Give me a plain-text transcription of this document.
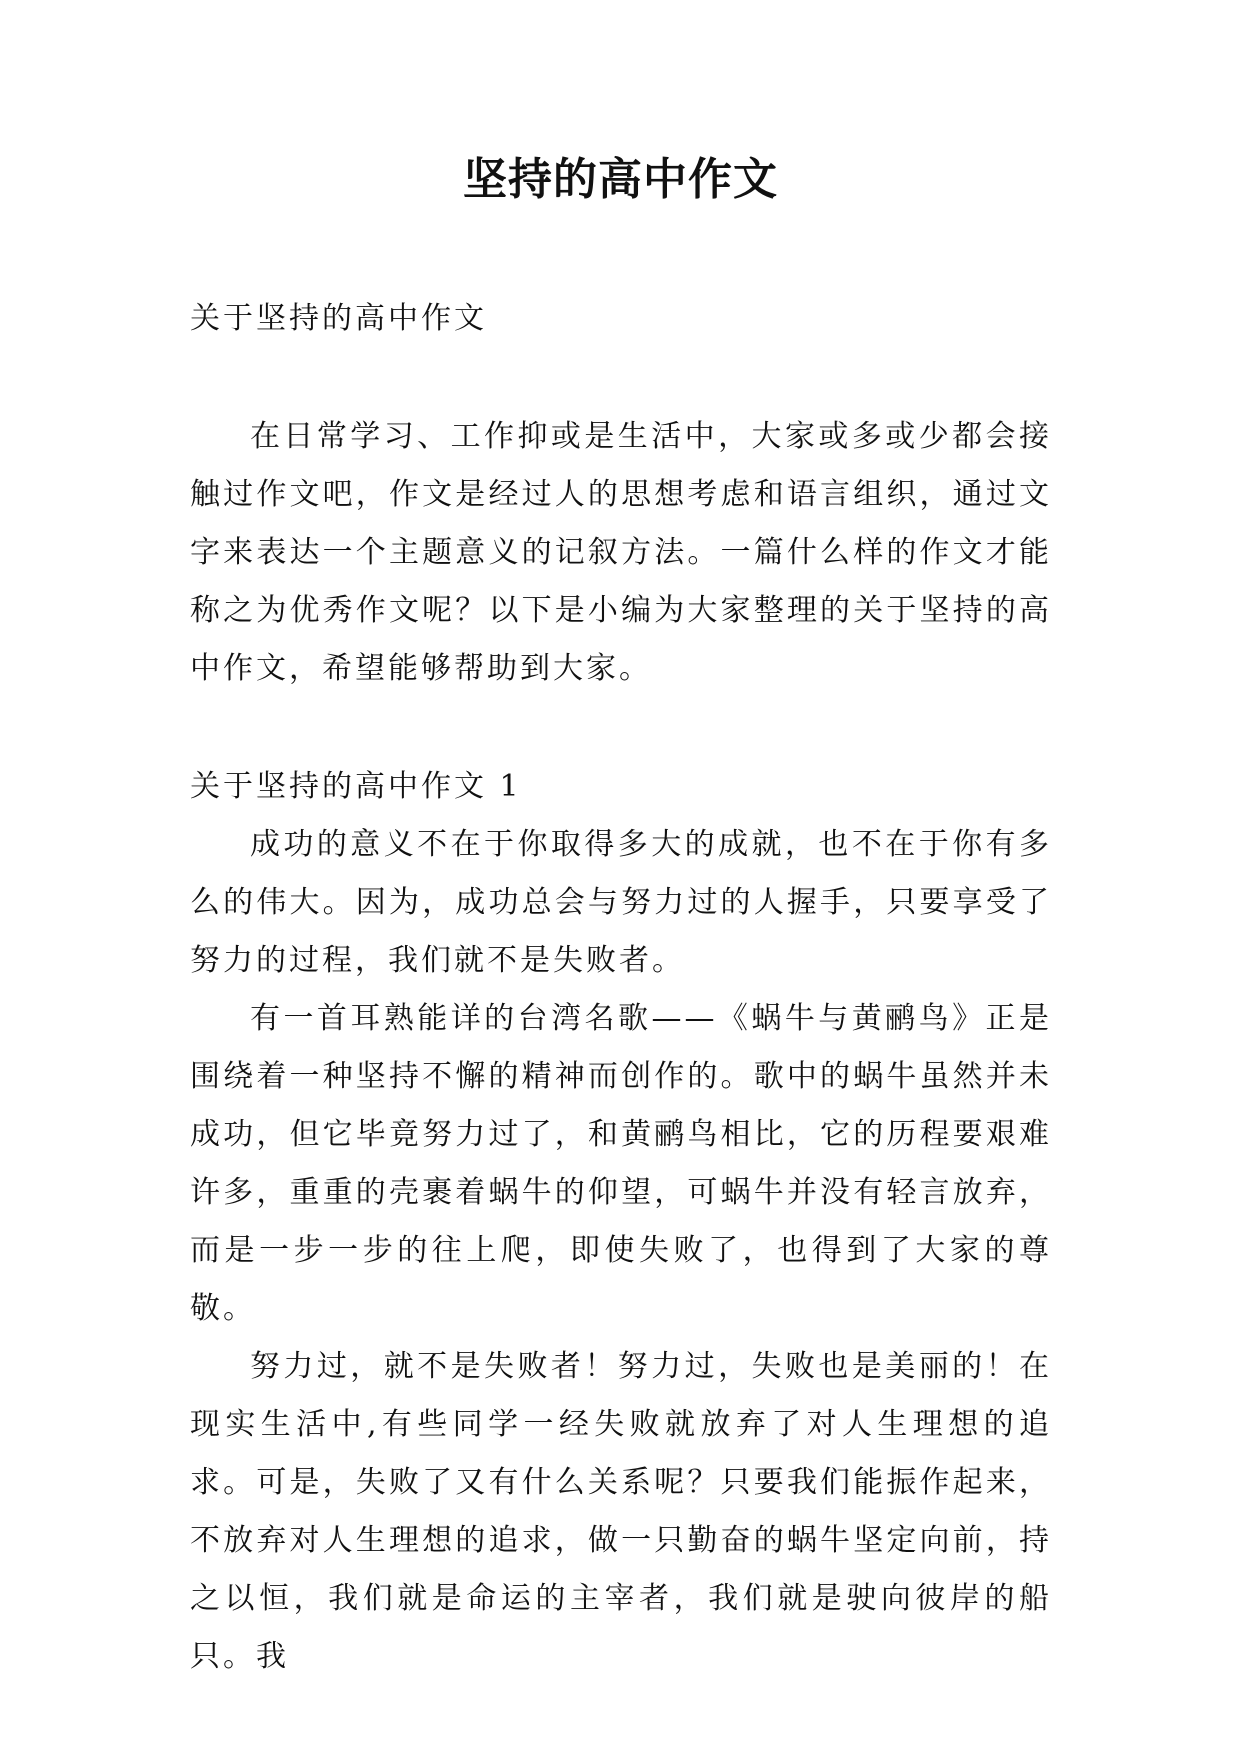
坚持的高中作文

关于坚持的高中作文

在日常学习、工作抑或是生活中，大家或多或少都会接触过作文吧，作文是经过人的思想考虑和语言组织，通过文字来表达一个主题意义的记叙方法。一篇什么样的作文才能称之为优秀作文呢？以下是小编为大家整理的关于坚持的高中作文，希望能够帮助到大家。

关于坚持的高中作文 1

成功的意义不在于你取得多大的成就，也不在于你有多么的伟大。因为，成功总会与努力过的人握手，只要享受了努力的过程，我们就不是失败者。

有一首耳熟能详的台湾名歌——《蜗牛与黄鹂鸟》正是围绕着一种坚持不懈的精神而创作的。歌中的蜗牛虽然并未成功，但它毕竟努力过了，和黄鹂鸟相比，它的历程要艰难许多，重重的壳裹着蜗牛的仰望，可蜗牛并没有轻言放弃，而是一步一步的往上爬，即使失败了，也得到了大家的尊敬。

努力过，就不是失败者！努力过，失败也是美丽的！在现实生活中,有些同学一经失败就放弃了对人生理想的追求。可是，失败了又有什么关系呢？只要我们能振作起来，不放弃对人生理想的追求，做一只勤奋的蜗牛坚定向前，持之以恒，我们就是命运的主宰者，我们就是驶向彼岸的船只。我
